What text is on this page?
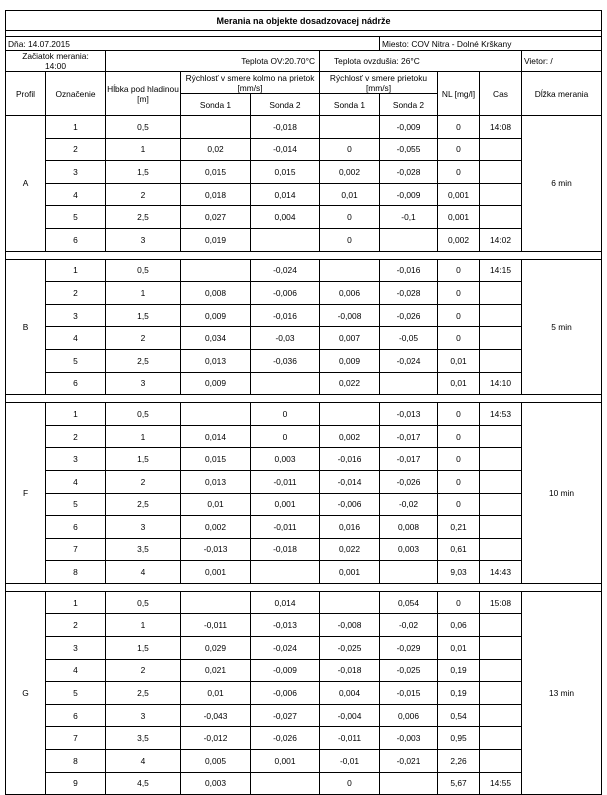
Merania na objekte dosadzovacej nádrže									

Dňa: 14.07.2015						Miesto: COV Nitra - Dolné Krškany			

Začiatok merania:
14:00		Teplota OV:20.70°C			Teplota ovzdušia: 26°C				Vietor: /
Profil	Označenie	Hĺbka pod hladinou [m]	Rýchlosť v smere kolmo na prietok [mm/s]		Rýchlosť v smere prietoku [mm/s]		NL [mg/l]	Cas	Dĺžka merania
			Sonda 1	Sonda 2	Sonda 1	Sonda 2			
A	1	0,5		-0,018		-0,009	0	14:08	6 min
	2	1	0,02	-0,014	0	-0,055	0		
	3	1,5	0,015	0,015	0,002	-0,028	0		
	4	2	0,018	0,014	0,01	-0,009	0,001		
	5	2,5	0,027	0,004	0	-0,1	0,001		
	6	3	0,019		0		0,002	14:02	

B	1	0,5		-0,024		-0,016	0	14:15	5 min
	2	1	0,008	-0,006	0,006	-0,028	0		
	3	1,5	0,009	-0,016	-0,008	-0,026	0		
	4	2	0,034	-0,03	0,007	-0,05	0		
	5	2,5	0,013	-0,036	0,009	-0,024	0,01		
	6	3	0,009		0,022		0,01	14:10	

F	1	0,5		0		-0,013	0	14:53	10 min
	2	1	0,014	0	0,002	-0,017	0		
	3	1,5	0,015	0,003	-0,016	-0,017	0		
	4	2	0,013	-0,011	-0,014	-0,026	0		
	5	2,5	0,01	0,001	-0,006	-0,02	0		
	6	3	0,002	-0,011	0,016	0,008	0,21		
	7	3,5	-0,013	-0,018	0,022	0,003	0,61		
	8	4	0,001		0,001		9,03	14:43	

G	1	0,5		0,014		0,054	0	15:08	13 min
	2	1	-0,011	-0,013	-0,008	-0,02	0,06		
	3	1,5	0,029	-0,024	-0,025	-0,029	0,01		
	4	2	0,021	-0,009	-0,018	-0,025	0,19		
	5	2,5	0,01	-0,006	0,004	-0,015	0,19		
	6	3	-0,043	-0,027	-0,004	0,006	0,54		
	7	3,5	-0,012	-0,026	-0,011	-0,003	0,95		
	8	4	0,005	0,001	-0,01	-0,021	2,26		
	9	4,5	0,003		0		5,67	14:55	
